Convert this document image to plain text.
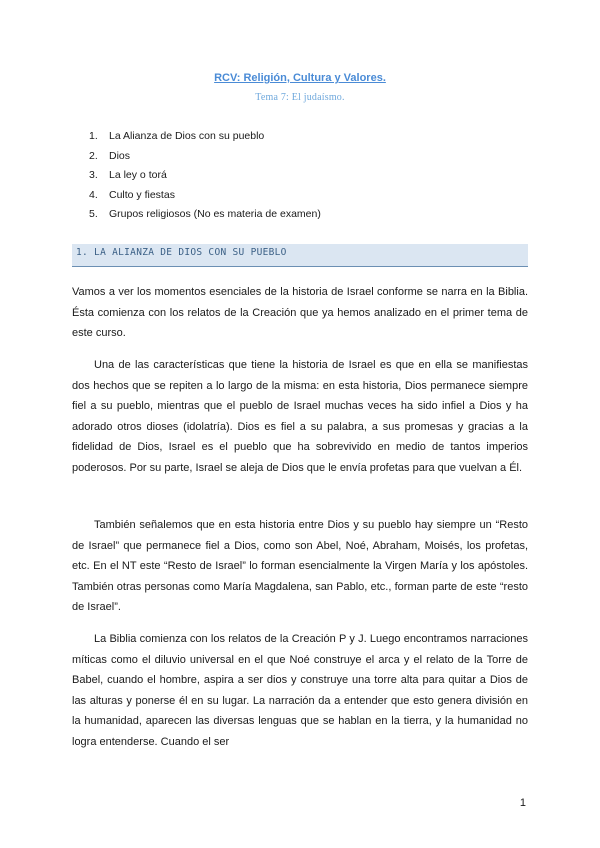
RCV: Religión, Cultura y Valores.
Tema 7: El judaísmo.
1. La Alianza de Dios con su pueblo
2. Dios
3. La ley o torá
4. Culto y fiestas
5. Grupos religiosos (No es materia de examen)
1. LA ALIANZA DE DIOS CON SU PUEBLO

Vamos a ver los momentos esenciales de la historia de Israel conforme se narra en la Biblia. Ésta comienza con los relatos de la Creación que ya hemos analizado en el primer tema de este curso.

Una de las características que tiene la historia de Israel es que en ella se manifiestas dos hechos que se repiten a lo largo de la misma: en esta historia, Dios permanece siempre fiel a su pueblo, mientras que el pueblo de Israel muchas veces ha sido infiel a Dios y ha adorado otros dioses (idolatría). Dios es fiel a su palabra, a sus promesas y gracias a la fidelidad de Dios, Israel es el pueblo que ha sobrevivido en medio de tantos imperios poderosos. Por su parte, Israel se aleja de Dios que le envía profetas para que vuelvan a Él.

También señalemos que en esta historia entre Dios y su pueblo hay siempre un “Resto de Israel” que permanece fiel a Dios, como son Abel, Noé, Abraham, Moisés, los profetas, etc. En el NT este “Resto de Israel” lo forman esencialmente la Virgen María y los apóstoles. También otras personas como María Magdalena, san Pablo, etc., forman parte de este “resto de Israel”.

La Biblia comienza con los relatos de la Creación P y J. Luego encontramos narraciones míticas como el diluvio universal en el que Noé construye el arca y el relato de la Torre de Babel, cuando el hombre, aspira a ser dios y construye una torre alta para quitar a Dios de las alturas y ponerse él en su lugar. La narración da a entender que esto genera división en la humanidad, aparecen las diversas lenguas que se hablan en la tierra, y la humanidad no logra entenderse. Cuando el ser

1
